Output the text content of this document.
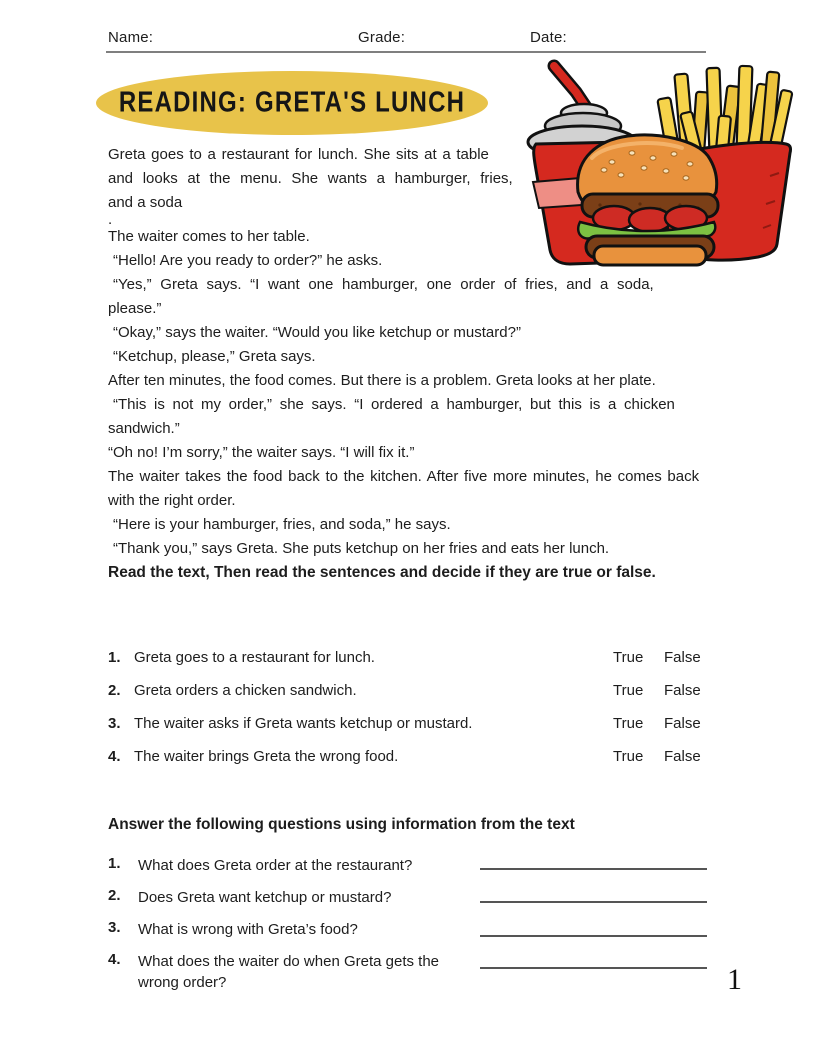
Name:	Grade:	Date:
READING: GRETA'S LUNCH

Greta goes to a restaurant for lunch. She sits at a table
and looks at the menu. She wants a hamburger, fries,
and a soda

.

The waiter comes to her table.

“Hello! Are you ready to order?” he asks.

“Yes,” Greta says. “I want one hamburger, one order of fries, and a soda,
please.”

“Okay,” says the waiter. “Would you like ketchup or mustard?”

“Ketchup, please,” Greta says.

After ten minutes, the food comes. But there is a problem. Greta looks at her plate.

“This is not my order,” she says. “I ordered a hamburger, but this is a chicken
sandwich.”

“Oh no! I’m sorry,” the waiter says. “I will fix it.”

The waiter takes the food back to the kitchen. After five more minutes, he comes back
with the right order.

“Here is your hamburger, fries, and soda,” he says.

“Thank you,” says Greta. She puts ketchup on her fries and eats her lunch.

Read the text, Then read the sentences and decide if they are true or false.

1. Greta goes to a restaurant for lunch.	True False
2. Greta orders a chicken sandwich.	True False
3. The waiter asks if Greta wants ketchup or mustard.	True False
4. The waiter brings Greta the wrong food.	True False
Answer the following questions using information from the text
1. What does Greta order at the restaurant?
2. Does Greta want ketchup or mustard?
3. What is wrong with Greta’s food?
4. What does the waiter do when Greta gets the
wrong order?	1
